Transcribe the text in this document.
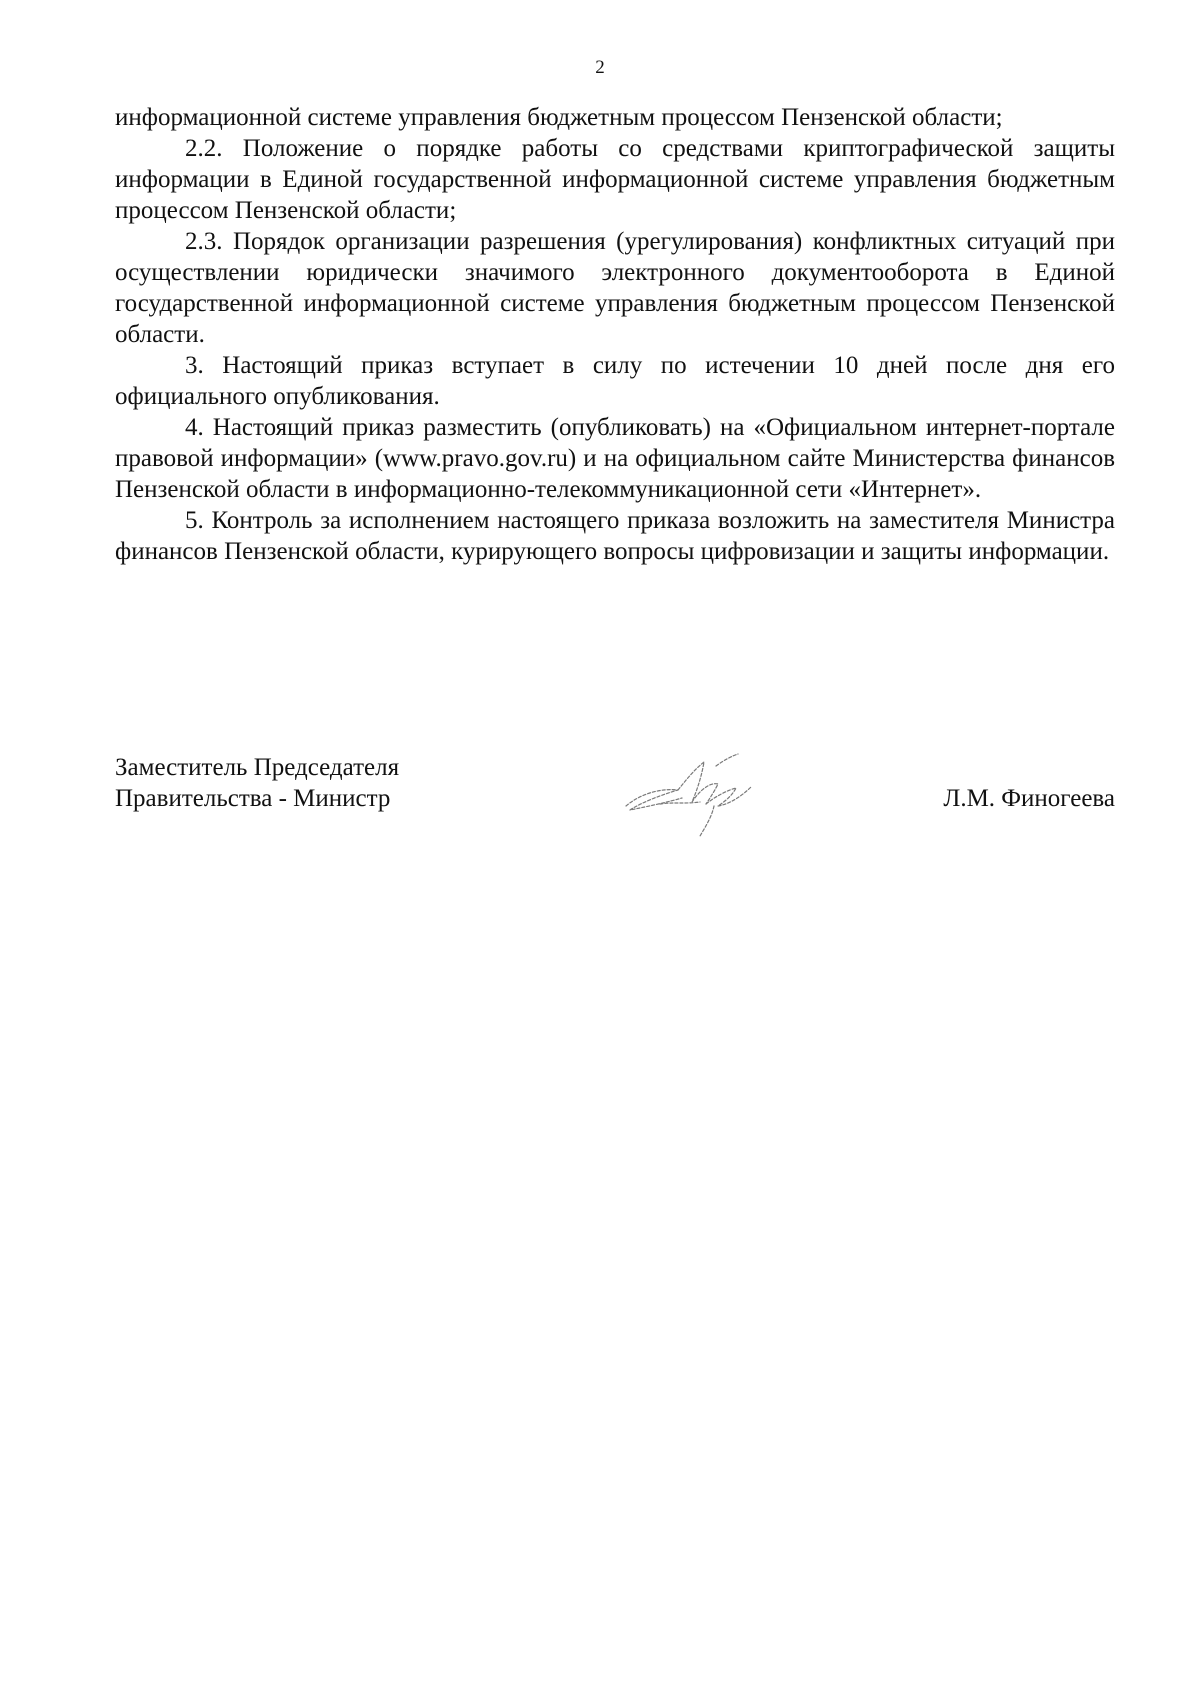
2

информационной системе управления бюджетным процессом Пензенской области;

2.2. Положение о порядке работы со средствами криптографической защиты информации в Единой государственной информационной системе управления бюджетным процессом Пензенской области;

2.3. Порядок организации разрешения (урегулирования) конфликтных ситуаций при осуществлении юридически значимого электронного документооборота в Единой государственной информационной системе управления бюджетным процессом Пензенской области.

3. Настоящий приказ вступает в силу по истечении 10 дней после дня его официального опубликования.

4. Настоящий приказ разместить (опубликовать) на «Официальном интернет-портале правовой информации» (www.pravo.gov.ru) и на официальном сайте Министерства финансов Пензенской области в информационно-телекоммуникационной сети «Интернет».

5. Контроль за исполнением настоящего приказа возложить на заместителя Министра финансов Пензенской области, курирующего вопросы цифровизации и защиты информации.

Заместитель Председателя
Правительства - Министр	Л.М. Финогеева
